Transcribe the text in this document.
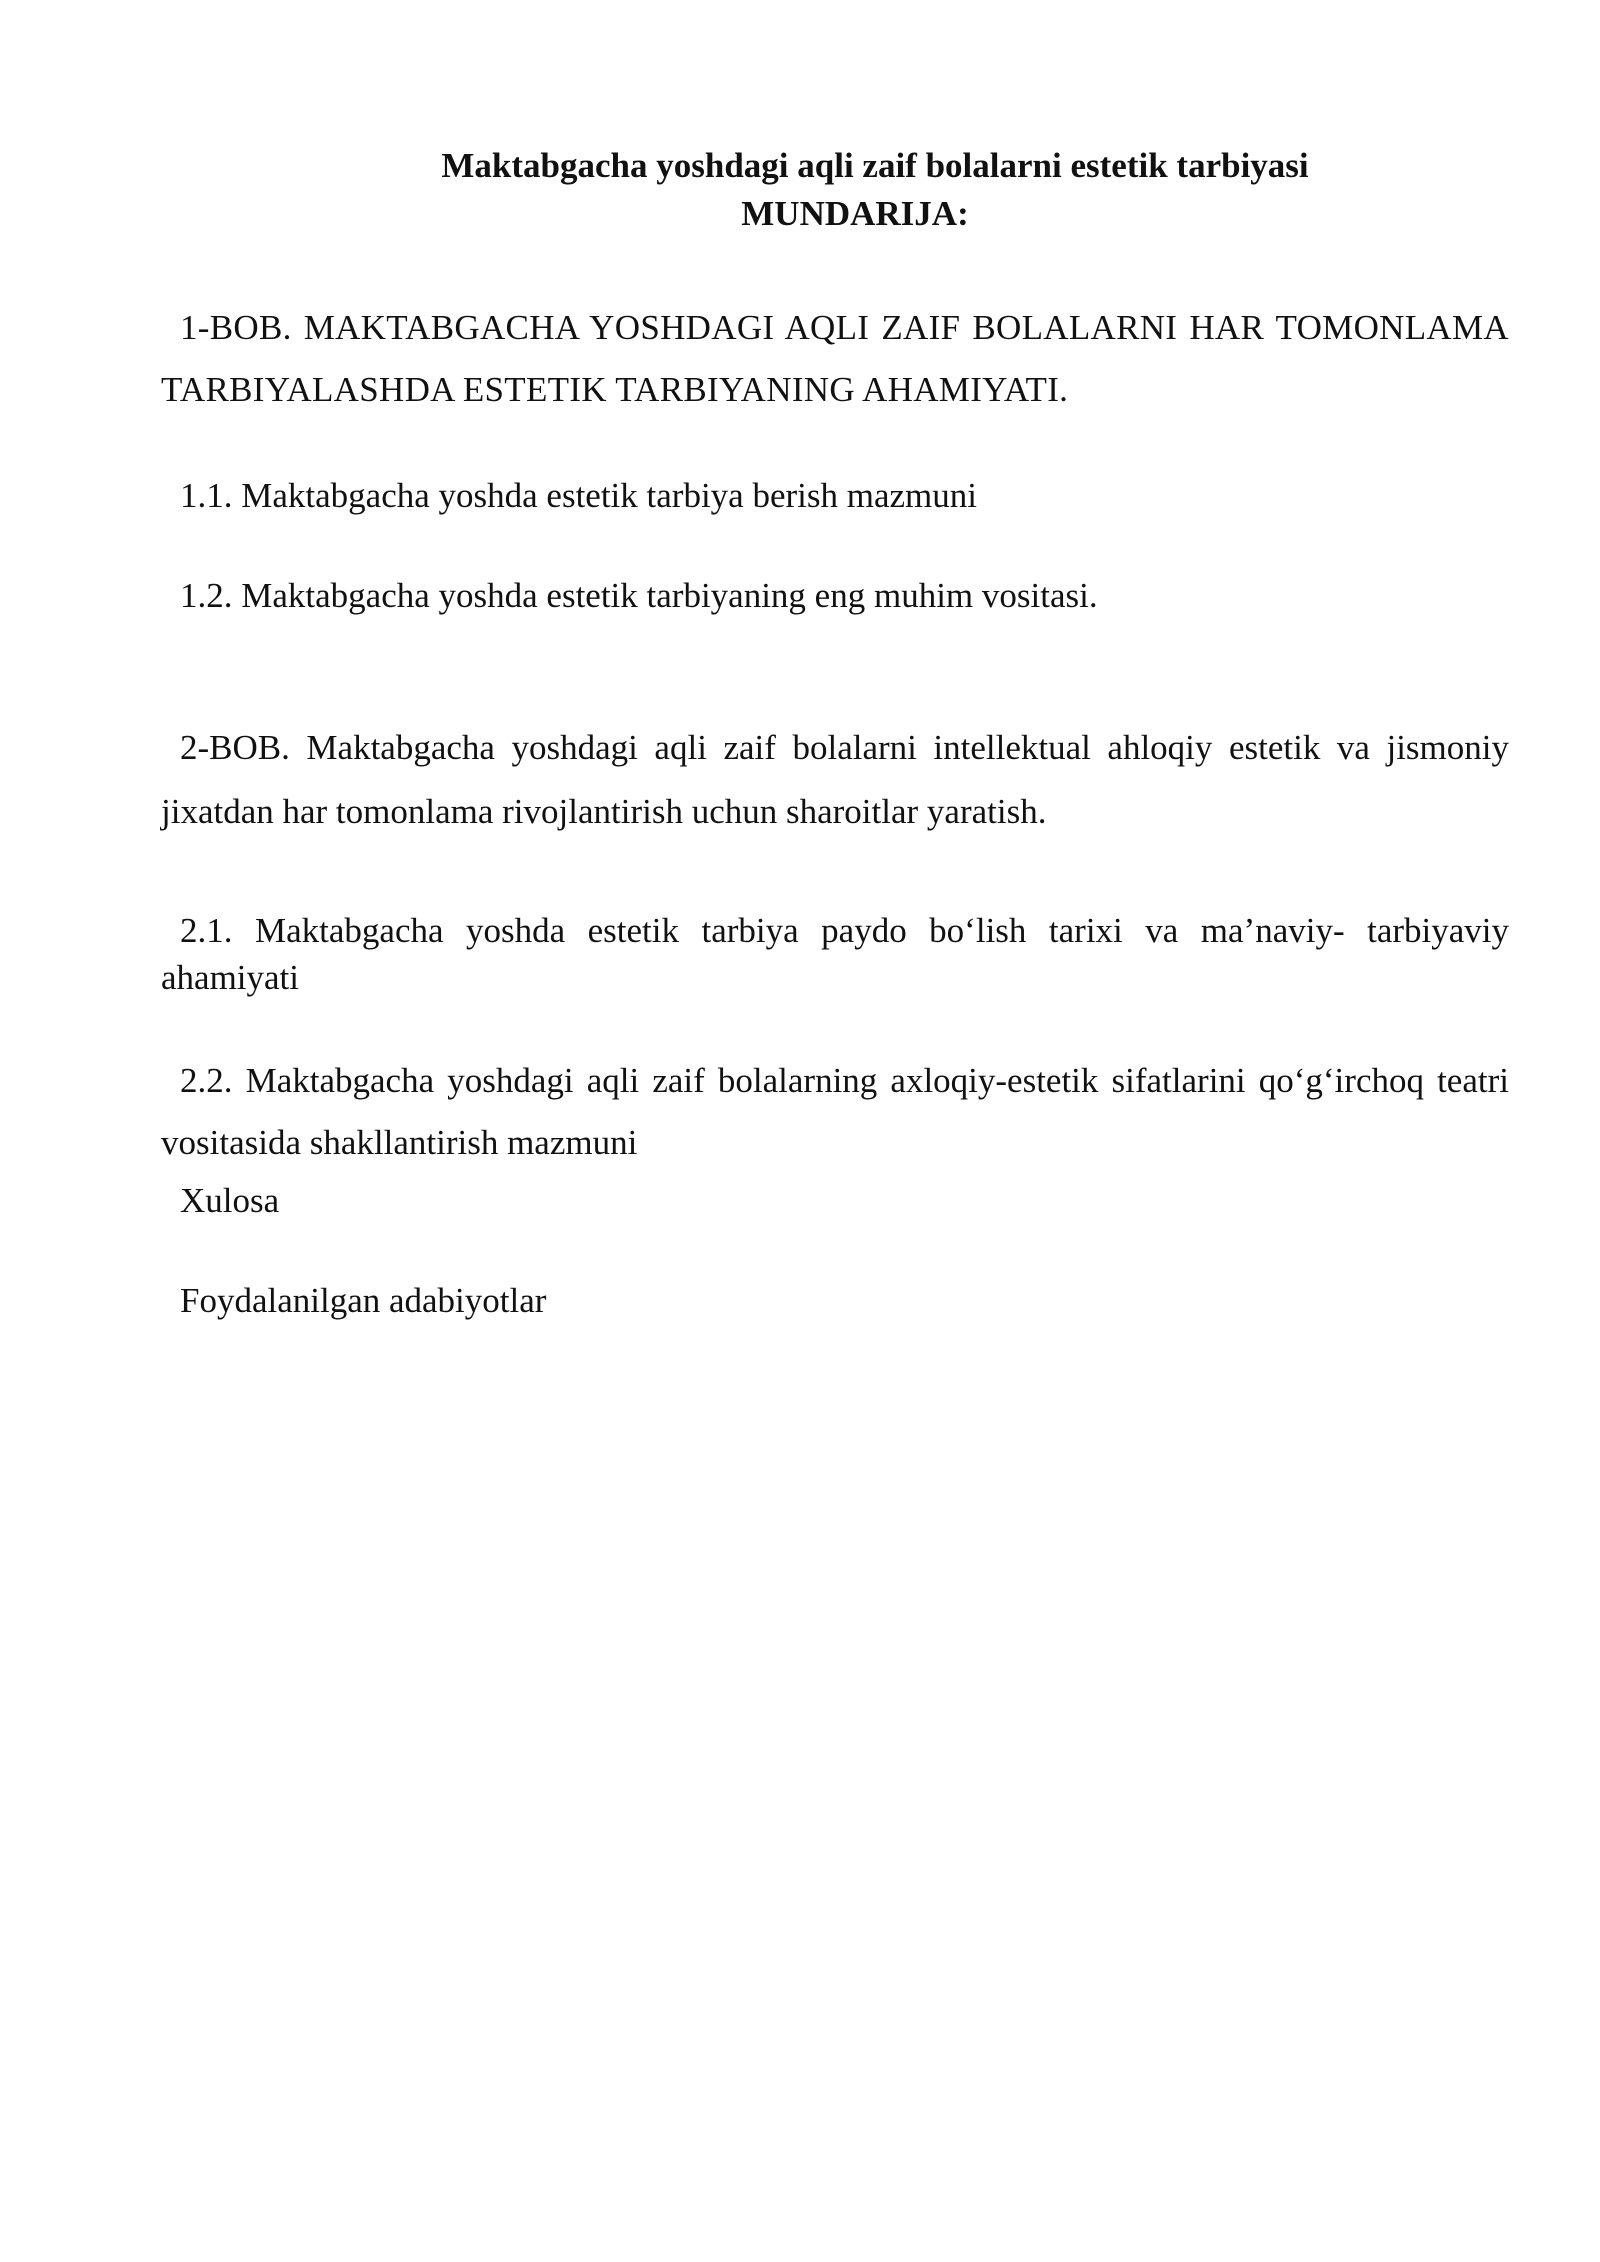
Maktabgacha yoshdagi aqli zaif bolalarni estetik tarbiyasi
MUNDARIJA:

1-BOB. MAKTABGACHA YOSHDAGI AQLI ZAIF BOLALARNI HAR TOMONLAMA TARBIYALASHDA ESTETIK TARBIYANING AHAMIYATI.

1.1. Maktabgacha yoshda estetik tarbiya berish mazmuni

1.2. Maktabgacha yoshda estetik tarbiyaning eng muhim vositasi.

2-BOB. Maktabgacha yoshdagi aqli zaif bolalarni intellektual ahloqiy estetik va jismoniy jixatdan har tomonlama rivojlantirish uchun sharoitlar yaratish.

2.1. Maktabgacha yoshda estetik tarbiya paydo bo‘lish tarixi va ma’naviy- tarbiyaviy ahamiyati

2.2. Maktabgacha yoshdagi aqli zaif bolalarning axloqiy-estetik sifatlarini qo‘g‘irchoq teatri vositasida shakllantirish mazmuni

Xulosa

Foydalanilgan adabiyotlar
